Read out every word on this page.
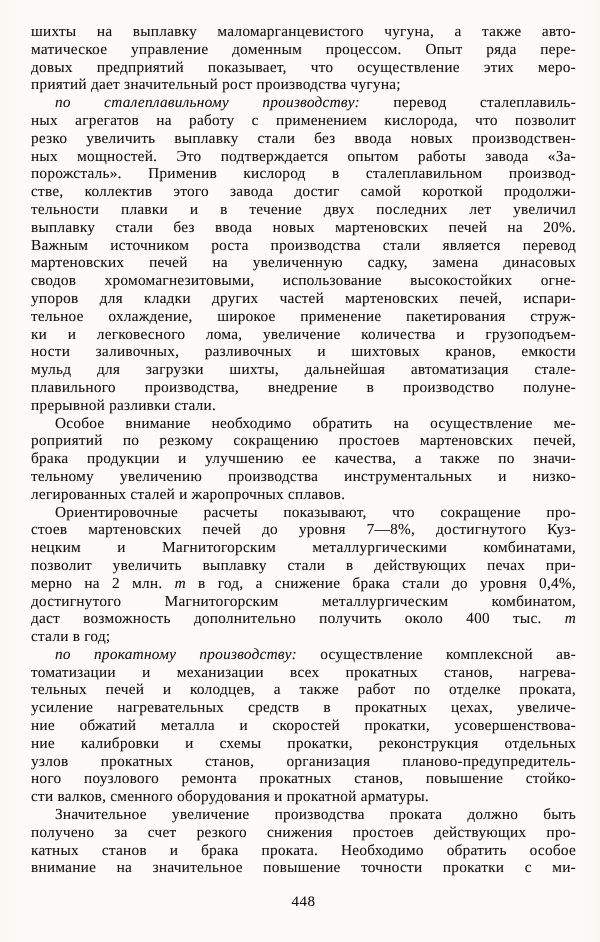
шихты на выплавку маломарганцевистого чугуна, а также авто-
матическое управление доменным процессом. Опыт ряда пере-
довых предприятий показывает, что осуществление этих меро-
приятий дает значительный рост производства чугуна;
по сталеплавильному производству: перевод сталеплавиль-
ных агрегатов на работу с применением кислорода, что позволит
резко увеличить выплавку стали без ввода новых производствен-
ных мощностей. Это подтверждается опытом работы завода «За-
порожсталь». Применив кислород в сталеплавильном производ-
стве, коллектив этого завода достиг самой короткой продолжи-
тельности плавки и в течение двух последних лет увеличил
выплавку стали без ввода новых мартеновских печей на 20%.
Важным источником роста производства стали является перевод
мартеновских печей на увеличенную садку, замена динасовых
сводов хромомагнезитовыми, использование высокостойких огне-
упоров для кладки других частей мартеновских печей, испари-
тельное охлаждение, широкое применение пакетирования струж-
ки и легковесного лома, увеличение количества и грузоподъем-
ности заливочных, разливочных и шихтовых кранов, емкости
мульд для загрузки шихты, дальнейшая автоматизация стале-
плавильного производства, внедрение в производство полуне-
прерывной разливки стали.
Особое внимание необходимо обратить на осуществление ме-
роприятий по резкому сокращению простоев мартеновских печей,
брака продукции и улучшению ее качества, а также по значи-
тельному увеличению производства инструментальных и низко-
легированных сталей и жаропрочных сплавов.
Ориентировочные расчеты показывают, что сокращение про-
стоев мартеновских печей до уровня 7—8%, достигнутого Куз-
нецким и Магнитогорским металлургическими комбинатами,
позволит увеличить выплавку стали в действующих печах при-
мерно на 2 млн. т в год, а снижение брака стали до уровня 0,4%,
достигнутого Магнитогорским металлургическим комбинатом,
даст возможность дополнительно получить около 400 тыс. т
стали в год;
по прокатному производству: осуществление комплексной ав-
томатизации и механизации всех прокатных станов, нагрева-
тельных печей и колодцев, а также работ по отделке проката,
усиление нагревательных средств в прокатных цехах, увеличе-
ние обжатий металла и скоростей прокатки, усовершенствова-
ние калибровки и схемы прокатки, реконструкция отдельных
узлов прокатных станов, организация планово-предупредитель-
ного поузлового ремонта прокатных станов, повышение стойко-
сти валков, сменного оборудования и прокатной арматуры.
Значительное увеличение производства проката должно быть
получено за счет резкого снижения простоев действующих про-
катных станов и брака проката. Необходимо обратить особое
внимание на значительное повышение точности прокатки с ми-
448
